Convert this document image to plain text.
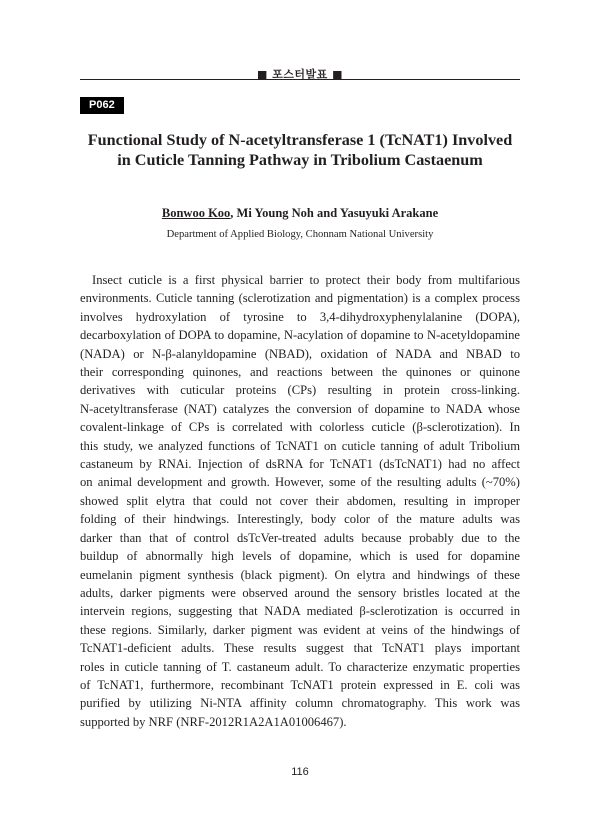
■ 포스터발표 ■
P062
Functional Study of N-acetyltransferase 1 (TcNAT1) Involved
in Cuticle Tanning Pathway in Tribolium Castaenum
Bonwoo Koo, Mi Young Noh and Yasuyuki Arakane
Department of Applied Biology, Chonnam National University

Insect cuticle is a first physical barrier to protect their body from multifarious

environments. Cuticle tanning (sclerotization and pigmentation) is a complex process

involves hydroxylation of tyrosine to 3,4-dihydroxyphenylalanine (DOPA),

decarboxylation of DOPA to dopamine, N-acylation of dopamine to N-acetyldopamine

(NADA) or N-β-alanyldopamine (NBAD), oxidation of NADA and NBAD to

their corresponding quinones, and reactions between the quinones or quinone

derivatives with cuticular proteins (CPs) resulting in protein cross-linking.

N-acetyltransferase (NAT) catalyzes the conversion of dopamine to NADA whose

covalent-linkage of CPs is correlated with colorless cuticle (β-sclerotization). In

this study, we analyzed functions of TcNAT1 on cuticle tanning of adult Tribolium

castaneum by RNAi. Injection of dsRNA for TcNAT1 (dsTcNAT1) had no affect

on animal development and growth. However, some of the resulting adults (~70%)

showed split elytra that could not cover their abdomen, resulting in improper

folding of their hindwings. Interestingly, body color of the mature adults was

darker than that of control dsTcVer-treated adults because probably due to the

buildup of abnormally high levels of dopamine, which is used for dopamine

eumelanin pigment synthesis (black pigment). On elytra and hindwings of these

adults, darker pigments were observed around the sensory bristles located at the

intervein regions, suggesting that NADA mediated β-sclerotization is occurred in

these regions. Similarly, darker pigment was evident at veins of the hindwings of

TcNAT1-deficient adults. These results suggest that TcNAT1 plays important

roles in cuticle tanning of T. castaneum adult. To characterize enzymatic properties

of TcNAT1, furthermore, recombinant TcNAT1 protein expressed in E. coli was

purified by utilizing Ni-NTA affinity column chromatography. This work was

supported by NRF (NRF-2012R1A2A1A01006467).

116
